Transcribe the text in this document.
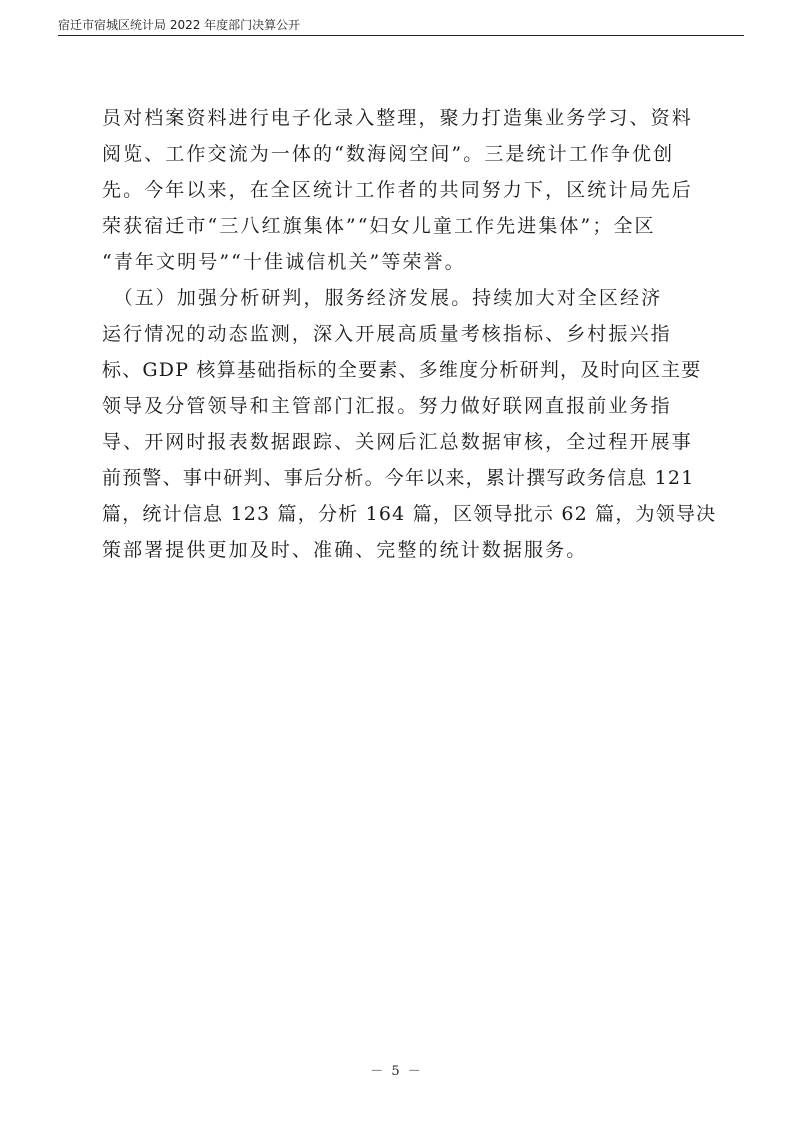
宿迁市宿城区统计局 2022 年度部门决算公开
员对档案资料进行电子化录入整理，聚力打造集业务学习、资料
阅览、工作交流为一体的“数海阅空间”。三是统计工作争优创
先。今年以来，在全区统计工作者的共同努力下，区统计局先后
荣获宿迁市“三八红旗集体”“妇女儿童工作先进集体”；全区
“青年文明号”“十佳诚信机关”等荣誉。
　（五）加强分析研判，服务经济发展。持续加大对全区经济
运行情况的动态监测，深入开展高质量考核指标、乡村振兴指
标、GDP 核算基础指标的全要素、多维度分析研判，及时向区主要
领导及分管领导和主管部门汇报。努力做好联网直报前业务指
导、开网时报表数据跟踪、关网后汇总数据审核，全过程开展事
前预警、事中研判、事后分析。今年以来，累计撰写政务信息 121
篇，统计信息 123 篇，分析 164 篇，区领导批示 62 篇，为领导决
策部署提供更加及时、准确、完整的统计数据服务。
－ 5 －
